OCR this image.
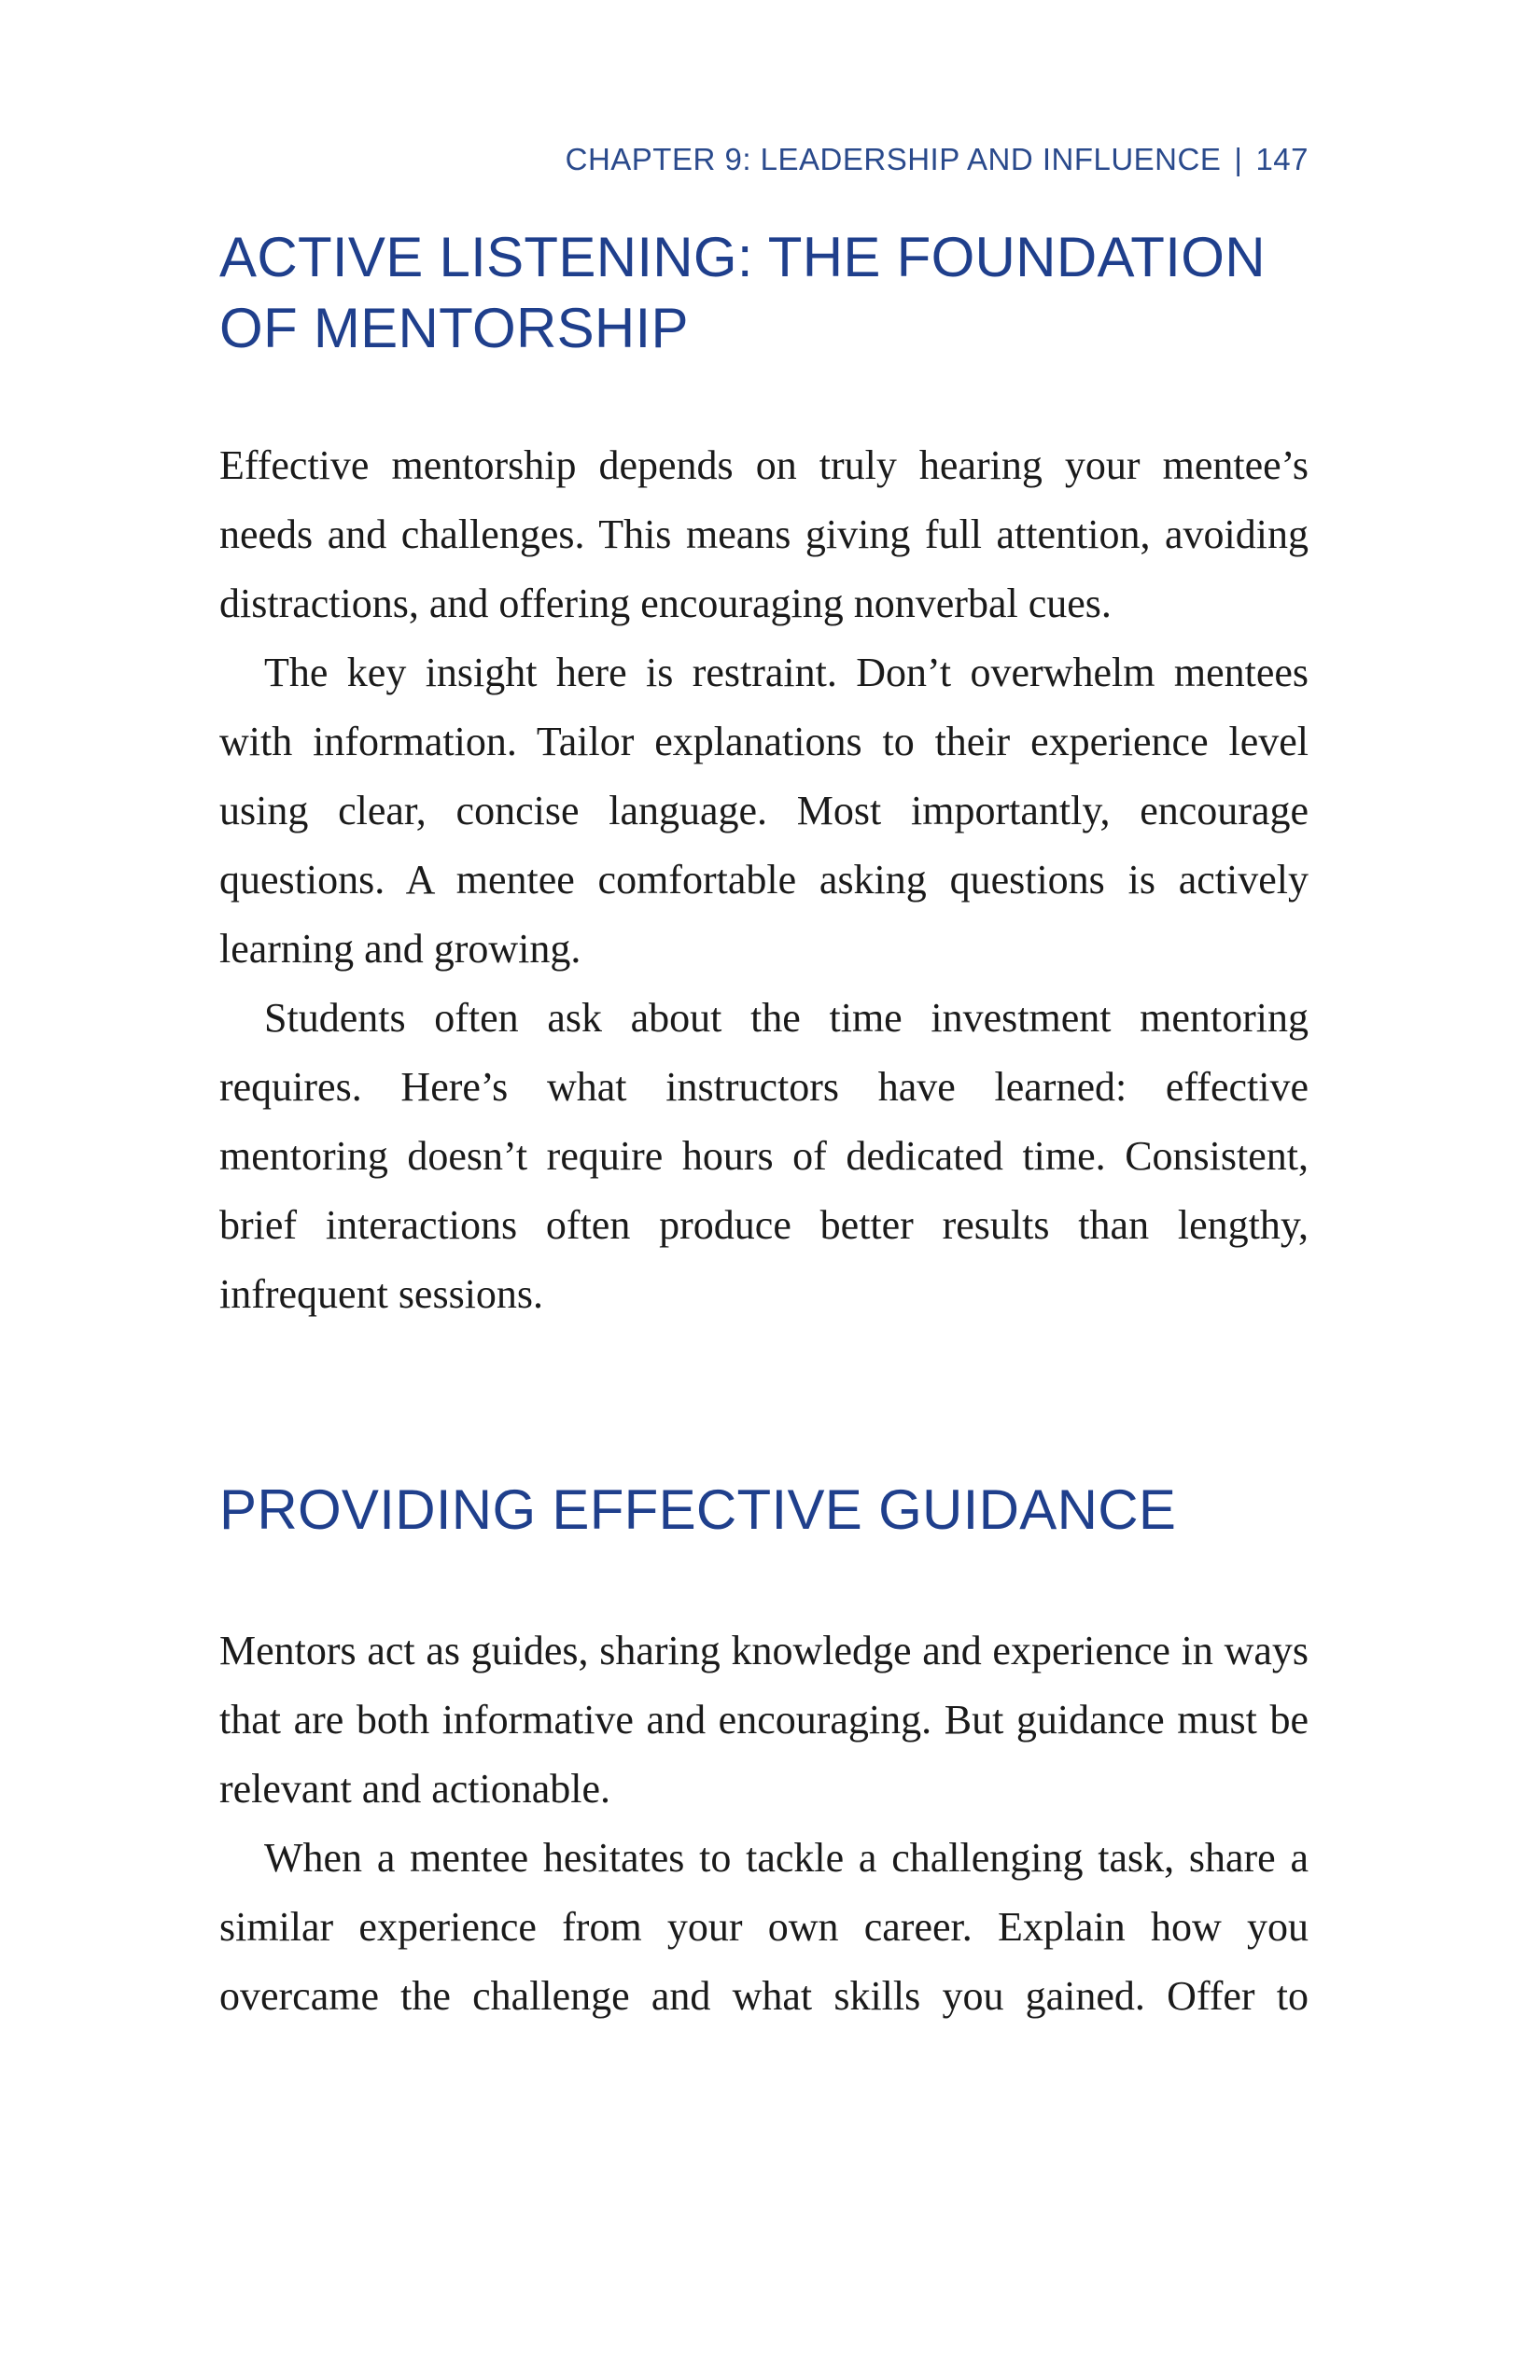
CHAPTER 9: LEADERSHIP AND INFLUENCE | 147
ACTIVE LISTENING: THE FOUNDATION OF MENTORSHIP

Effective mentorship depends on truly hearing your mentee’s needs and challenges. This means giving full attention, avoiding distractions, and offering encouraging nonverbal cues.

The key insight here is restraint. Don’t overwhelm mentees with information. Tailor explanations to their experience level using clear, concise language. Most importantly, encourage questions. A mentee comfortable asking questions is actively learning and growing.

Students often ask about the time investment mentoring requires. Here’s what instructors have learned: effective mentoring doesn’t require hours of dedicated time. Consistent, brief interactions often produce better results than lengthy, infrequent sessions.

PROVIDING EFFECTIVE GUIDANCE

Mentors act as guides, sharing knowledge and experience in ways that are both informative and encouraging. But guidance must be relevant and actionable.

When a mentee hesitates to tackle a challenging task, share a similar experience from your own career. Explain how you overcame the challenge and what skills you gained. Offer to
